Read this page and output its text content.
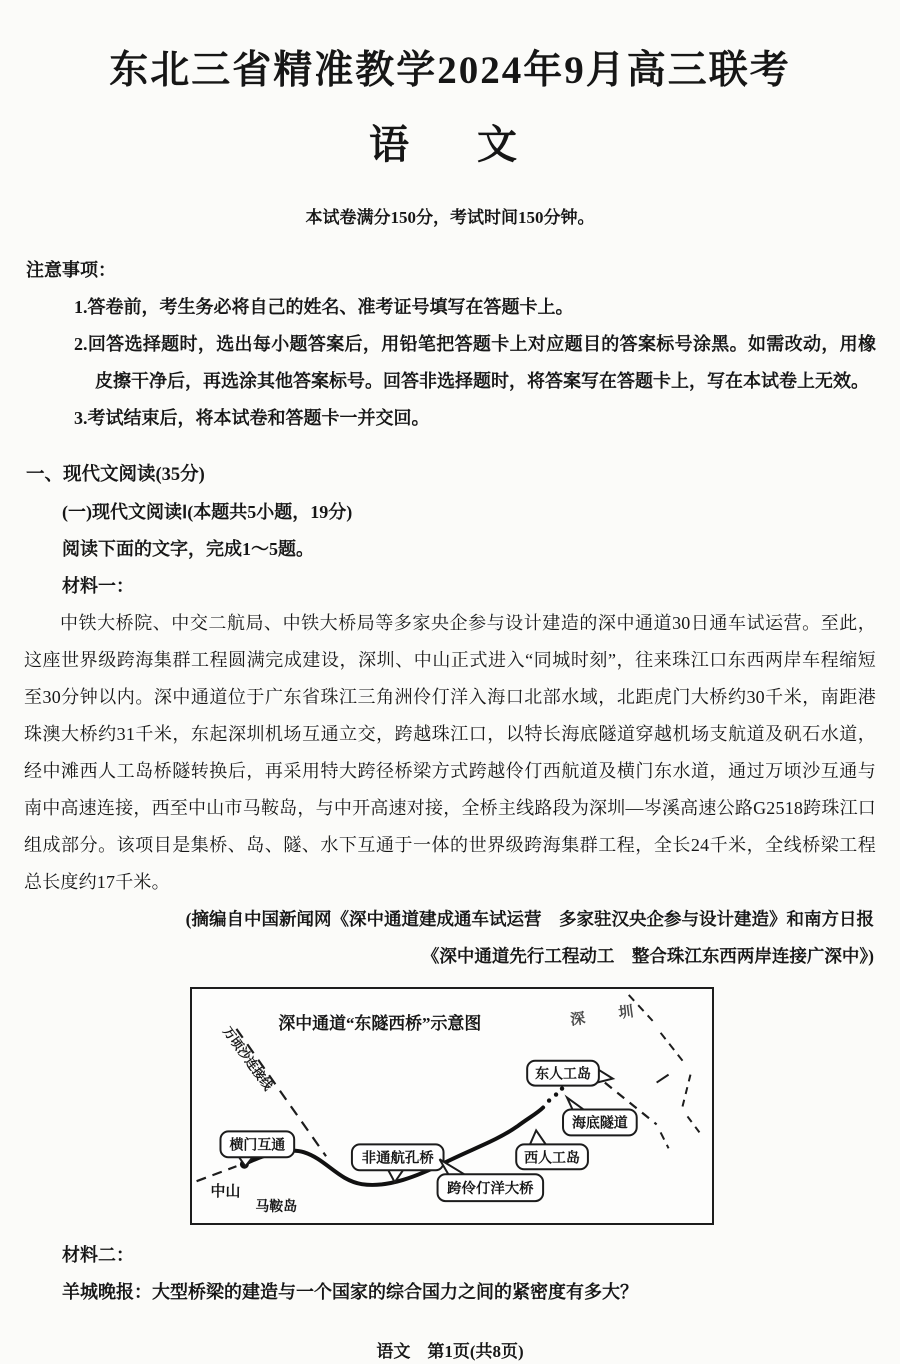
东北三省精准教学2024年9月高三联考
语　文
本试卷满分150分，考试时间150分钟。
注意事项：
1.答卷前，考生务必将自己的姓名、准考证号填写在答题卡上。
2.回答选择题时，选出每小题答案后，用铅笔把答题卡上对应题目的答案标号涂黑。如需改动，用橡皮擦干净后，再选涂其他答案标号。回答非选择题时，将答案写在答题卡上，写在本试卷上无效。
3.考试结束后，将本试卷和答题卡一并交回。
一、现代文阅读(35分)
(一)现代文阅读Ⅰ(本题共5小题，19分)
阅读下面的文字，完成1～5题。
材料一：

中铁大桥院、中交二航局、中铁大桥局等多家央企参与设计建造的深中通道30日通车试运营。至此，这座世界级跨海集群工程圆满完成建设，深圳、中山正式进入“同城时刻”，往来珠江口东西两岸车程缩短至30分钟以内。深中通道位于广东省珠江三角洲伶仃洋入海口北部水域，北距虎门大桥约30千米，南距港珠澳大桥约31千米，东起深圳机场互通立交，跨越珠江口，以特长海底隧道穿越机场支航道及矾石水道，经中滩西人工岛桥隧转换后，再采用特大跨径桥梁方式跨越伶仃西航道及横门东水道，通过万顷沙互通与南中高速连接，西至中山市马鞍岛，与中开高速对接，全桥主线路段为深圳—岑溪高速公路G2518跨珠江口组成部分。该项目是集桥、岛、隧、水下互通于一体的世界级跨海集群工程，全长24千米，全线桥梁工程总长度约17千米。

(摘编自中国新闻网《深中通道建成通车试运营　多家驻汉央企参与设计建造》和南方日报
《深中通道先行工程动工　整合珠江东西两岸连接广深中》)
深中通道“东隧西桥”示意图
万顷沙连接线
深圳
横门互通
非通航孔桥
跨伶仃洋大桥
西人工岛
海底隧道
东人工岛
中山
马鞍岛
材料二：
羊城晚报：大型桥梁的建造与一个国家的综合国力之间的紧密度有多大？
语文　第1页(共8页)
